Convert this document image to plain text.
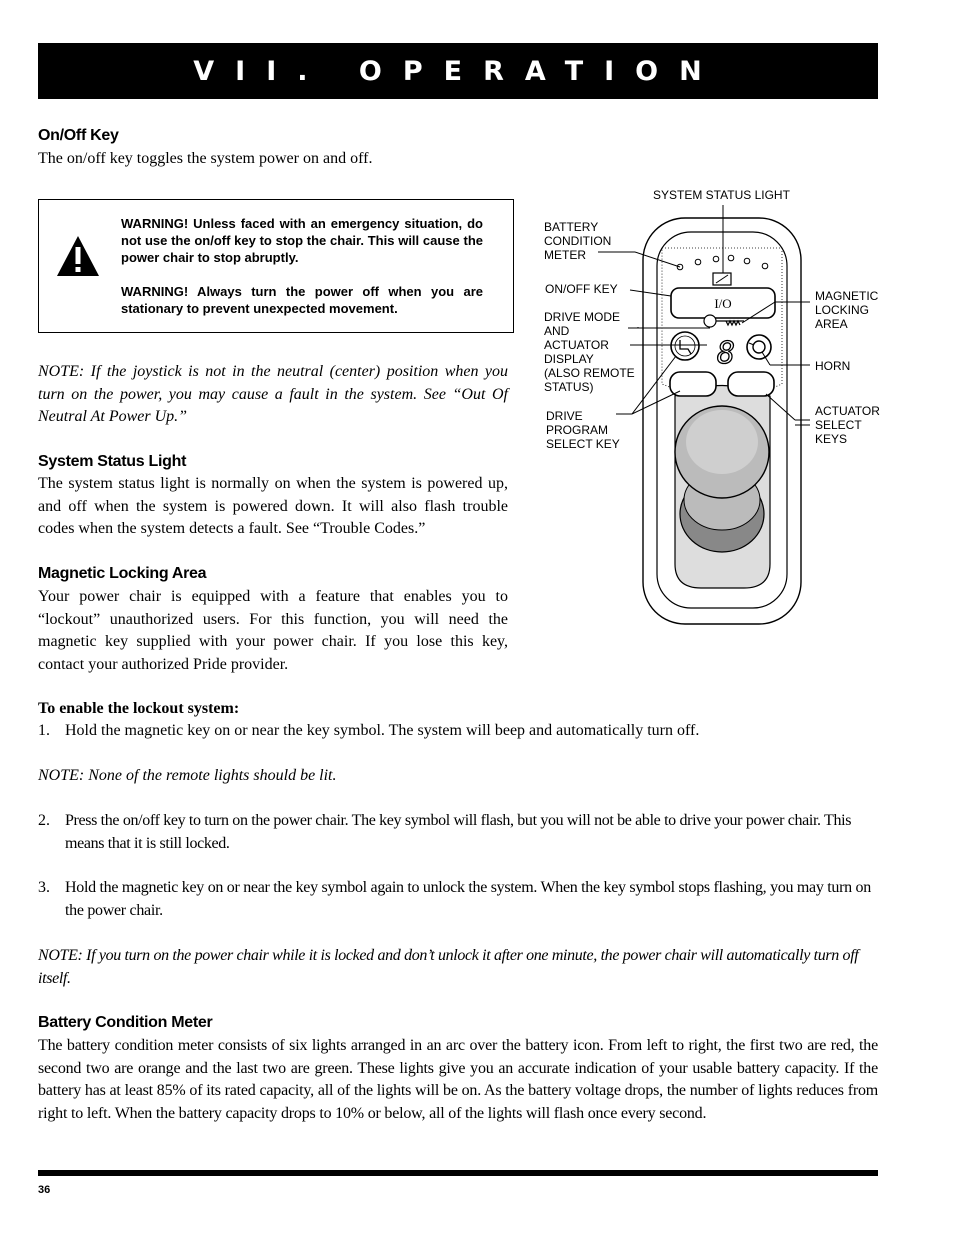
VII. OPERATION
On/Off Key
The on/off key toggles the system power on and off.

WARNING! Unless faced with an emergency situation, do not use the on/off key to stop the chair. This will cause the power chair to stop abruptly.

WARNING! Always turn the power off when you are stationary to prevent unexpected movement.

NOTE: If the joystick is not in the neutral (center) position when you turn on the power, you may cause a fault in the system. See “Out Of Neutral At Power Up.”
System Status Light
The system status light is normally on when the system is powered up, and off when the system is powered down. It will also flash trouble codes when the system detects a fault. See “Trouble Codes.”
Magnetic Locking Area
Your power chair is equipped with a feature that enables you to “lockout” unauthorized users. For this function, you will need the magnetic key supplied with your power chair. If you lose this key, contact your authorized Pride provider.
To enable the lockout system:
1. Hold the magnetic key on or near the key symbol. The system will beep and automatically turn off.
NOTE: None of the remote lights should be lit.
2. Press the on/off key to turn on the power chair. The key symbol will flash, but you will not be able to drive your power chair. This means that it is still locked.
3. Hold the magnetic key on or near the key symbol again to unlock the system. When the key symbol stops flashing, you may turn on the power chair.
NOTE: If you turn on the power chair while it is locked and don’t unlock it after one minute, the power chair will automatically turn off itself.
Battery Condition Meter
The battery condition meter consists of six lights arranged in an arc over the battery icon. From left to right, the first two are red, the second two are orange and the last two are green. These lights give you an accurate indication of your usable battery capacity. If the battery has at least 85% of its rated capacity, all of the lights will be on. As the battery voltage drops, the number of lights reduces from right to left. When the battery capacity drops to 10% or below, all of the lights will flash once every second.
I/O
8
SYSTEM STATUS LIGHT
BATTERY
CONDITION
METER
ON/OFF KEY
DRIVE MODE
AND
ACTUATOR
DISPLAY
(ALSO REMOTE
STATUS)
DRIVE
PROGRAM
SELECT KEY
MAGNETIC
LOCKING
AREA
HORN
ACTUATOR
SELECT
KEYS
36
